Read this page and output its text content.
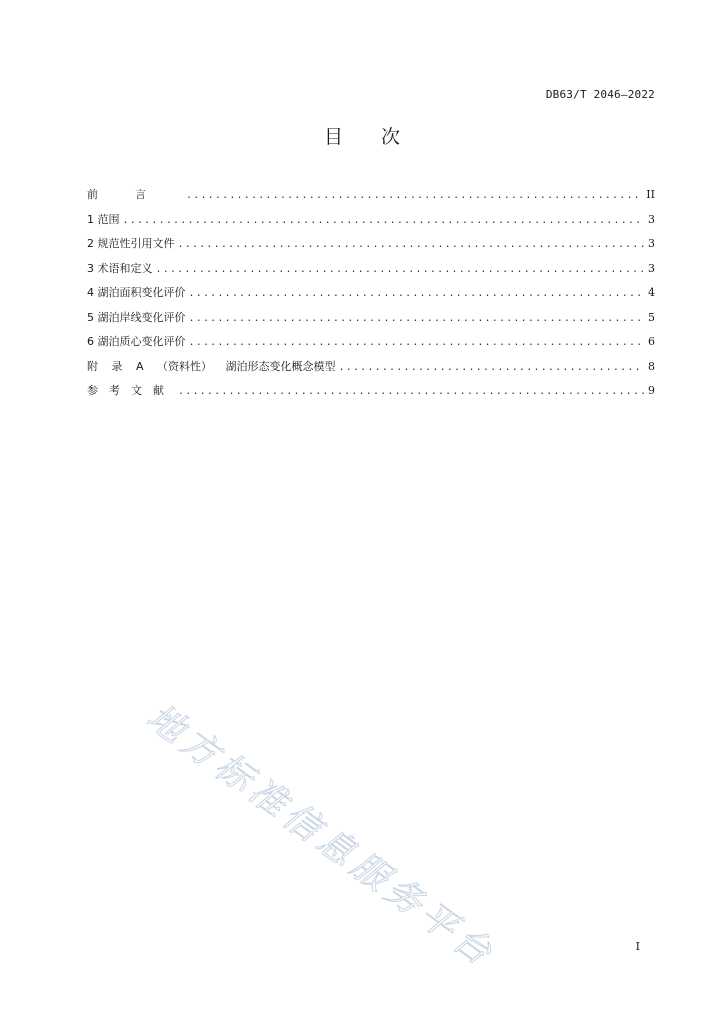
DB63/T 2046—2022
目次
前言 .....	II
1 范围 .....	3
2 规范性引用文件 .....	3
3 术语和定义 .....	3
4 湖泊面积变化评价 .....	4
5 湖泊岸线变化评价 .....	5
6 湖泊质心变化评价 .....	6
附 录 A （资料性） 湖泊形态变化概念模型 .....	8
参考文献 .....	9
地方标准信息服务平台	I
